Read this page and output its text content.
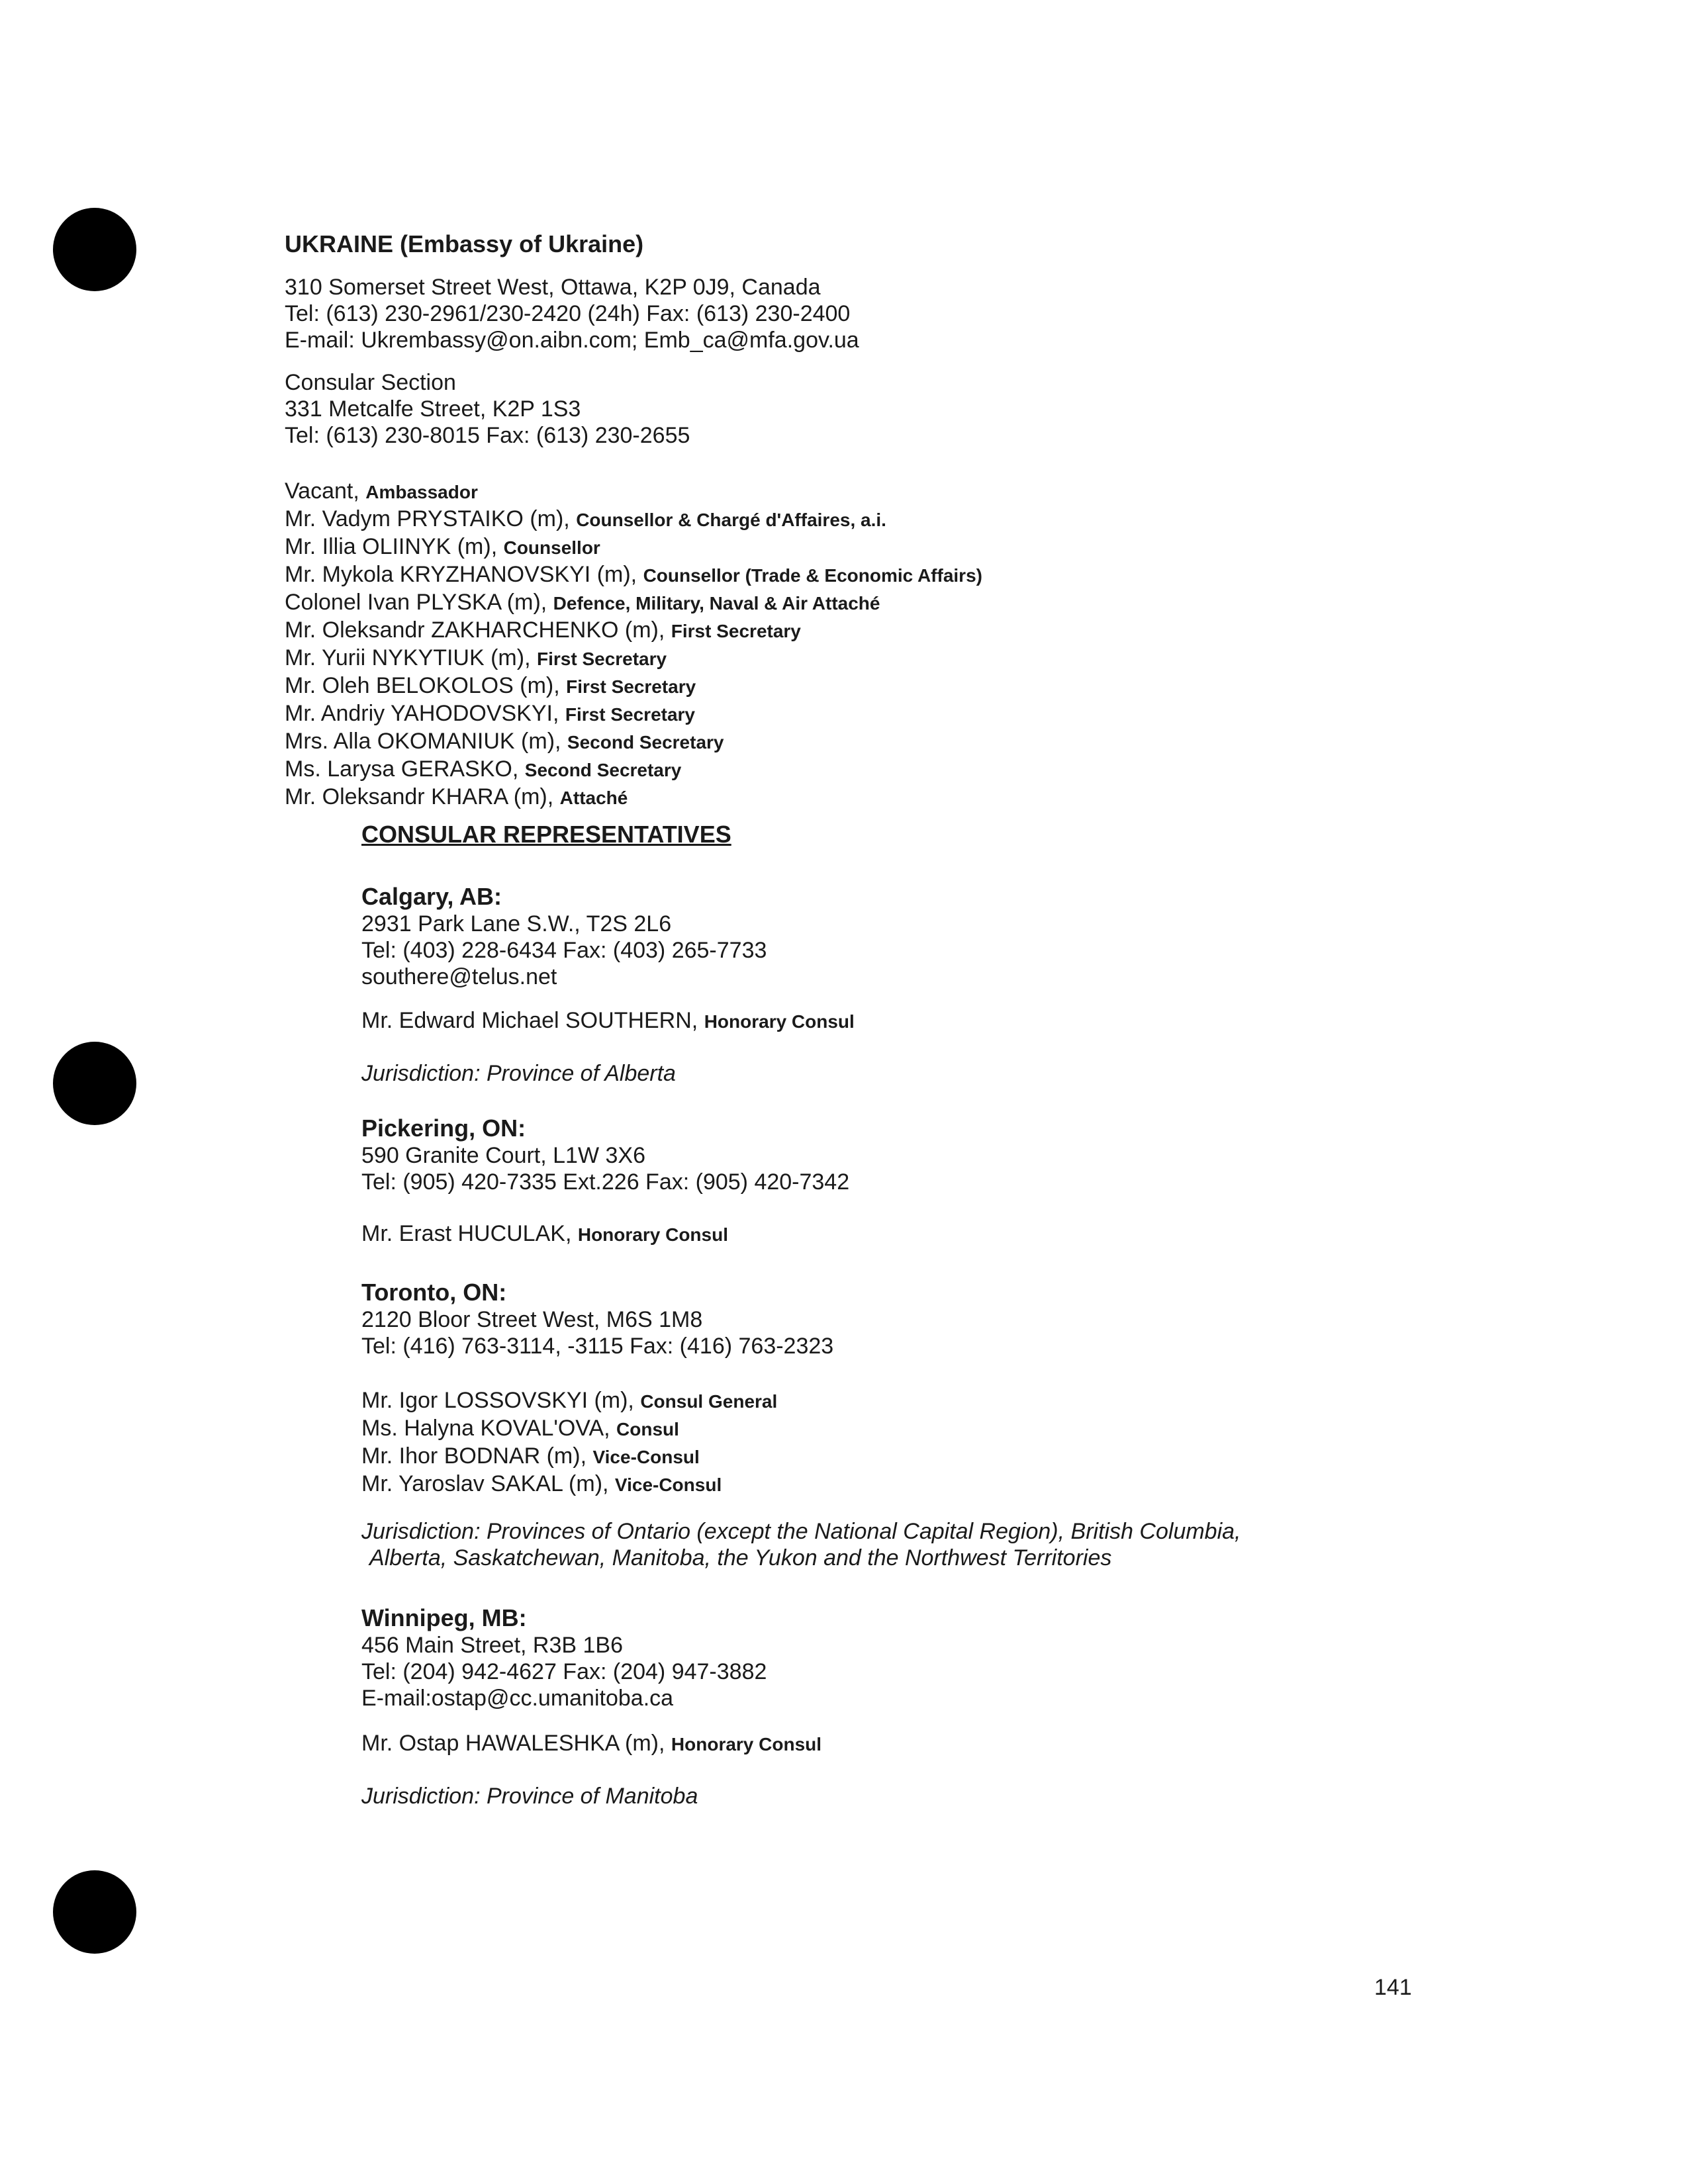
UKRAINE (Embassy of Ukraine)
310 Somerset Street West, Ottawa, K2P 0J9, Canada
Tel: (613) 230-2961/230-2420 (24h) Fax: (613) 230-2400
E-mail: Ukrembassy@on.aibn.com; Emb_ca@mfa.gov.ua
Consular Section
331 Metcalfe Street, K2P 1S3
Tel: (613) 230-8015 Fax: (613) 230-2655
Vacant, Ambassador
Mr. Vadym PRYSTAIKO (m), Counsellor & Chargé d'Affaires, a.i.
Mr. Illia OLIINYK (m), Counsellor
Mr. Mykola KRYZHANOVSKYI (m), Counsellor (Trade & Economic Affairs)
Colonel Ivan PLYSKA (m), Defence, Military, Naval & Air Attaché
Mr. Oleksandr ZAKHARCHENKO (m), First Secretary
Mr. Yurii NYKYTIUK (m), First Secretary
Mr. Oleh BELOKOLOS (m), First Secretary
Mr. Andriy YAHODOVSKYI, First Secretary
Mrs. Alla OKOMANIUK (m), Second Secretary
Ms. Larysa GERASKO, Second Secretary
Mr. Oleksandr KHARA (m), Attaché
CONSULAR REPRESENTATIVES
Calgary, AB:
2931 Park Lane S.W., T2S 2L6
Tel: (403) 228-6434 Fax: (403) 265-7733
southere@telus.net
Mr. Edward Michael SOUTHERN, Honorary Consul
Jurisdiction: Province of Alberta
Pickering, ON:
590 Granite Court, L1W 3X6
Tel: (905) 420-7335 Ext.226 Fax: (905) 420-7342
Mr. Erast HUCULAK, Honorary Consul
Toronto, ON:
2120 Bloor Street West, M6S 1M8
Tel: (416) 763-3114, -3115 Fax: (416) 763-2323
Mr. Igor LOSSOVSKYI (m), Consul General
Ms. Halyna KOVAL'OVA, Consul
Mr. Ihor BODNAR (m), Vice-Consul
Mr. Yaroslav SAKAL (m), Vice-Consul
Jurisdiction: Provinces of Ontario (except the National Capital Region), British Columbia,
Alberta, Saskatchewan, Manitoba, the Yukon and the Northwest Territories
Winnipeg, MB:
456 Main Street, R3B 1B6
Tel: (204) 942-4627 Fax: (204) 947-3882
E-mail:ostap@cc.umanitoba.ca
Mr. Ostap HAWALESHKA (m), Honorary Consul
Jurisdiction: Province of Manitoba
141
